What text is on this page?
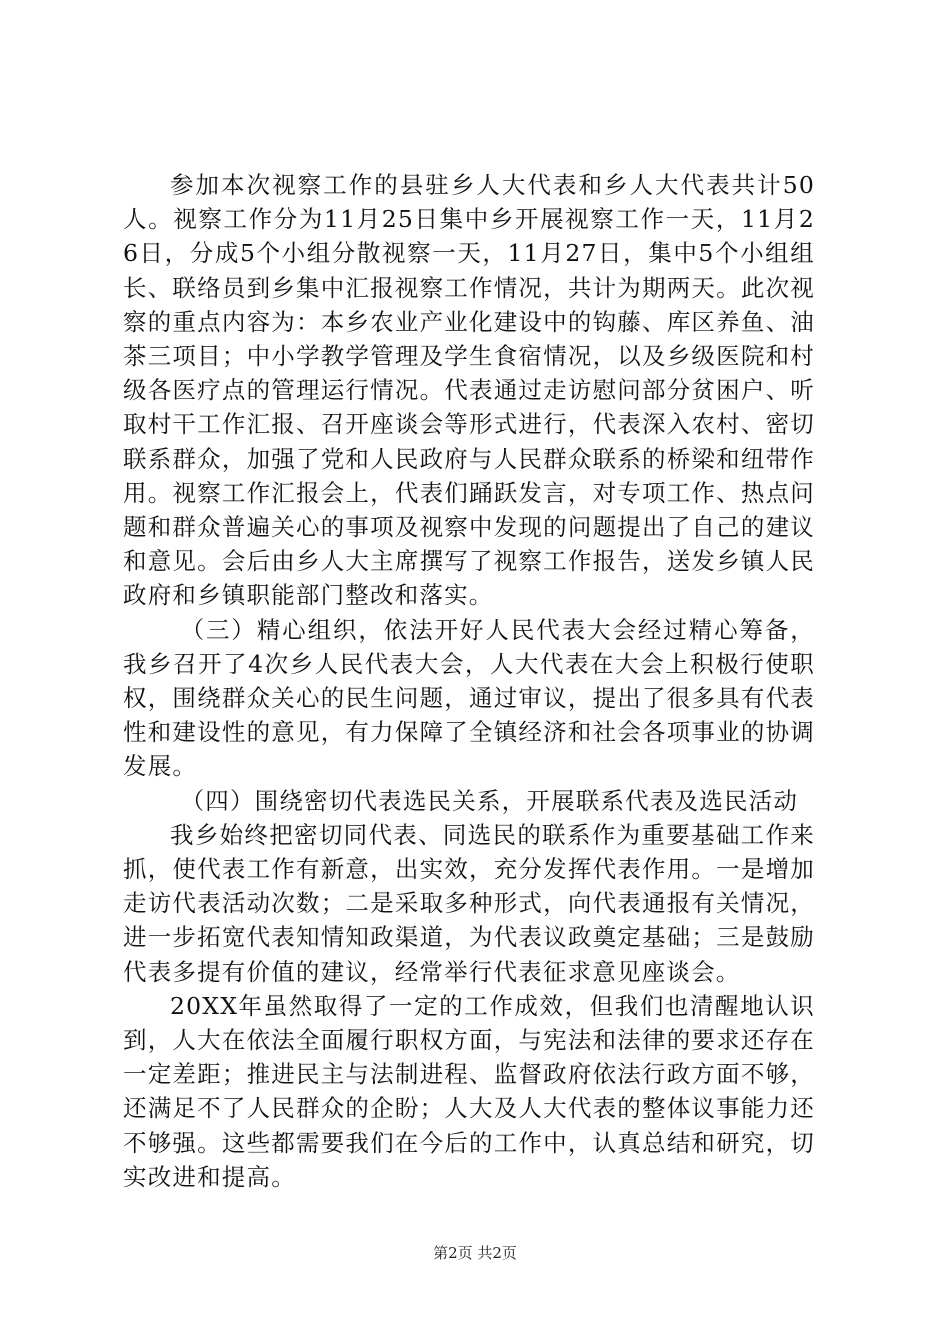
参加本次视察工作的县驻乡人大代表和乡人大代表共计50人。视察工作分为11月25日集中乡开展视察工作一天，11月26日，分成5个小组分散视察一天，11月27日，集中5个小组组长、联络员到乡集中汇报视察工作情况，共计为期两天。此次视察的重点内容为：本乡农业产业化建设中的钩藤、库区养鱼、油茶三项目；中小学教学管理及学生食宿情况，以及乡级医院和村级各医疗点的管理运行情况。代表通过走访慰问部分贫困户、听取村干工作汇报、召开座谈会等形式进行，代表深入农村、密切联系群众，加强了党和人民政府与人民群众联系的桥梁和纽带作用。视察工作汇报会上，代表们踊跃发言，对专项工作、热点问题和群众普遍关心的事项及视察中发现的问题提出了自己的建议和意见。会后由乡人大主席撰写了视察工作报告，送发乡镇人民政府和乡镇职能部门整改和落实。

（三）精心组织，依法开好人民代表大会经过精心筹备，我乡召开了4次乡人民代表大会，人大代表在大会上积极行使职权，围绕群众关心的民生问题，通过审议，提出了很多具有代表性和建设性的意见，有力保障了全镇经济和社会各项事业的协调发展。

（四）围绕密切代表选民关系，开展联系代表及选民活动

我乡始终把密切同代表、同选民的联系作为重要基础工作来抓，使代表工作有新意，出实效，充分发挥代表作用。一是增加走访代表活动次数；二是采取多种形式，向代表通报有关情况，进一步拓宽代表知情知政渠道，为代表议政奠定基础；三是鼓励代表多提有价值的建议，经常举行代表征求意见座谈会。

20XX年虽然取得了一定的工作成效，但我们也清醒地认识到，人大在依法全面履行职权方面，与宪法和法律的要求还存在一定差距；推进民主与法制进程、监督政府依法行政方面不够，还满足不了人民群众的企盼；人大及人大代表的整体议事能力还不够强。这些都需要我们在今后的工作中，认真总结和研究，切实改进和提高。

第2页 共2页
